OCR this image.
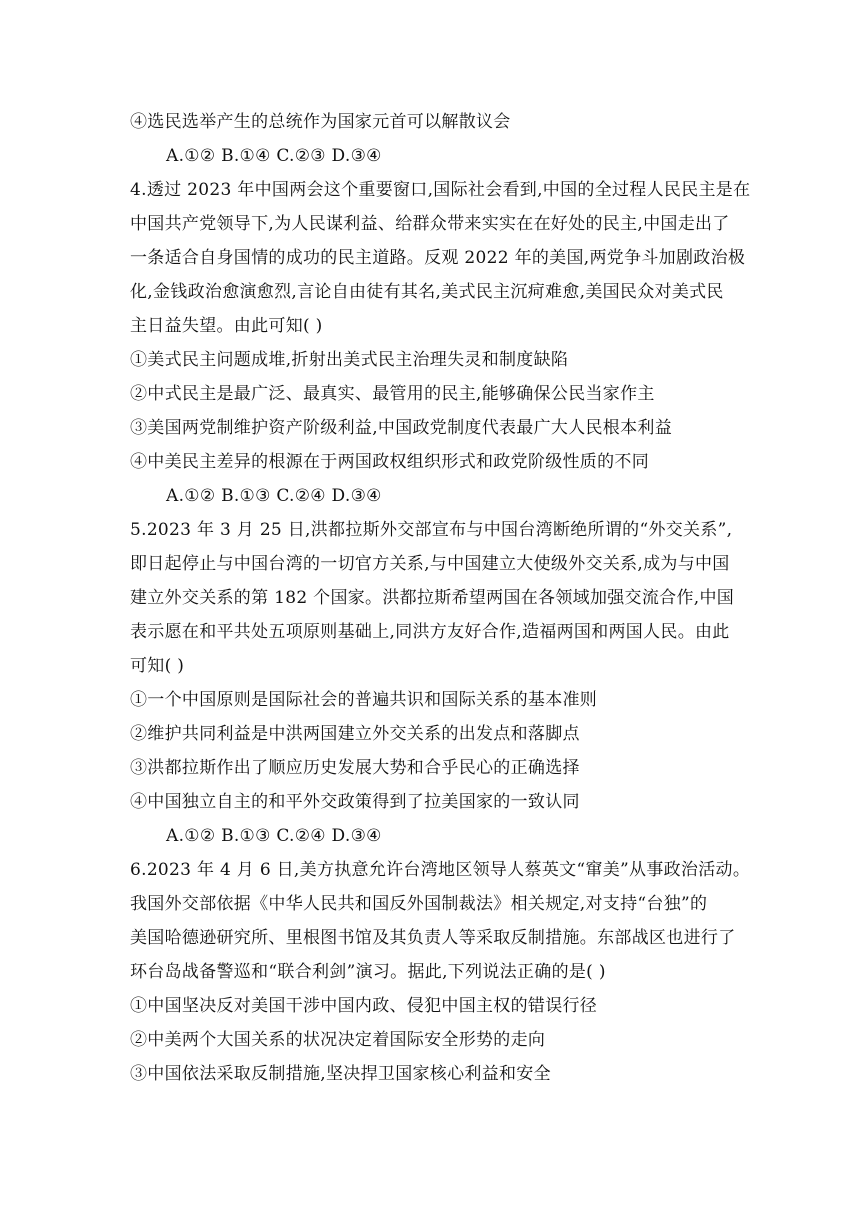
④选民选举产生的总统作为国家元首可以解散议会
A.①② B.①④ C.②③ D.③④
4.透过 2023 年中国两会这个重要窗口,国际社会看到,中国的全过程人民民主是在
中国共产党领导下,为人民谋利益、给群众带来实实在在好处的民主,中国走出了
一条适合自身国情的成功的民主道路。反观 2022 年的美国,两党争斗加剧政治极
化,金钱政治愈演愈烈,言论自由徒有其名,美式民主沉疴难愈,美国民众对美式民
主日益失望。由此可知( )
①美式民主问题成堆,折射出美式民主治理失灵和制度缺陷
②中式民主是最广泛、最真实、最管用的民主,能够确保公民当家作主
③美国两党制维护资产阶级利益,中国政党制度代表最广大人民根本利益
④中美民主差异的根源在于两国政权组织形式和政党阶级性质的不同
A.①② B.①③ C.②④ D.③④
5.2023 年 3 月 25 日,洪都拉斯外交部宣布与中国台湾断绝所谓的“外交关系”,
即日起停止与中国台湾的一切官方关系,与中国建立大使级外交关系,成为与中国
建立外交关系的第 182 个国家。洪都拉斯希望两国在各领域加强交流合作,中国
表示愿在和平共处五项原则基础上,同洪方友好合作,造福两国和两国人民。由此
可知( )
①一个中国原则是国际社会的普遍共识和国际关系的基本准则
②维护共同利益是中洪两国建立外交关系的出发点和落脚点
③洪都拉斯作出了顺应历史发展大势和合乎民心的正确选择
④中国独立自主的和平外交政策得到了拉美国家的一致认同
A.①② B.①③ C.②④ D.③④
6.2023 年 4 月 6 日,美方执意允许台湾地区领导人蔡英文“窜美”从事政治活动。
我国外交部依据《中华人民共和国反外国制裁法》相关规定,对支持“台独”的
美国哈德逊研究所、里根图书馆及其负责人等采取反制措施。东部战区也进行了
环台岛战备警巡和“联合利剑”演习。据此,下列说法正确的是( )
①中国坚决反对美国干涉中国内政、侵犯中国主权的错误行径
②中美两个大国关系的状况决定着国际安全形势的走向
③中国依法采取反制措施,坚决捍卫国家核心利益和安全
